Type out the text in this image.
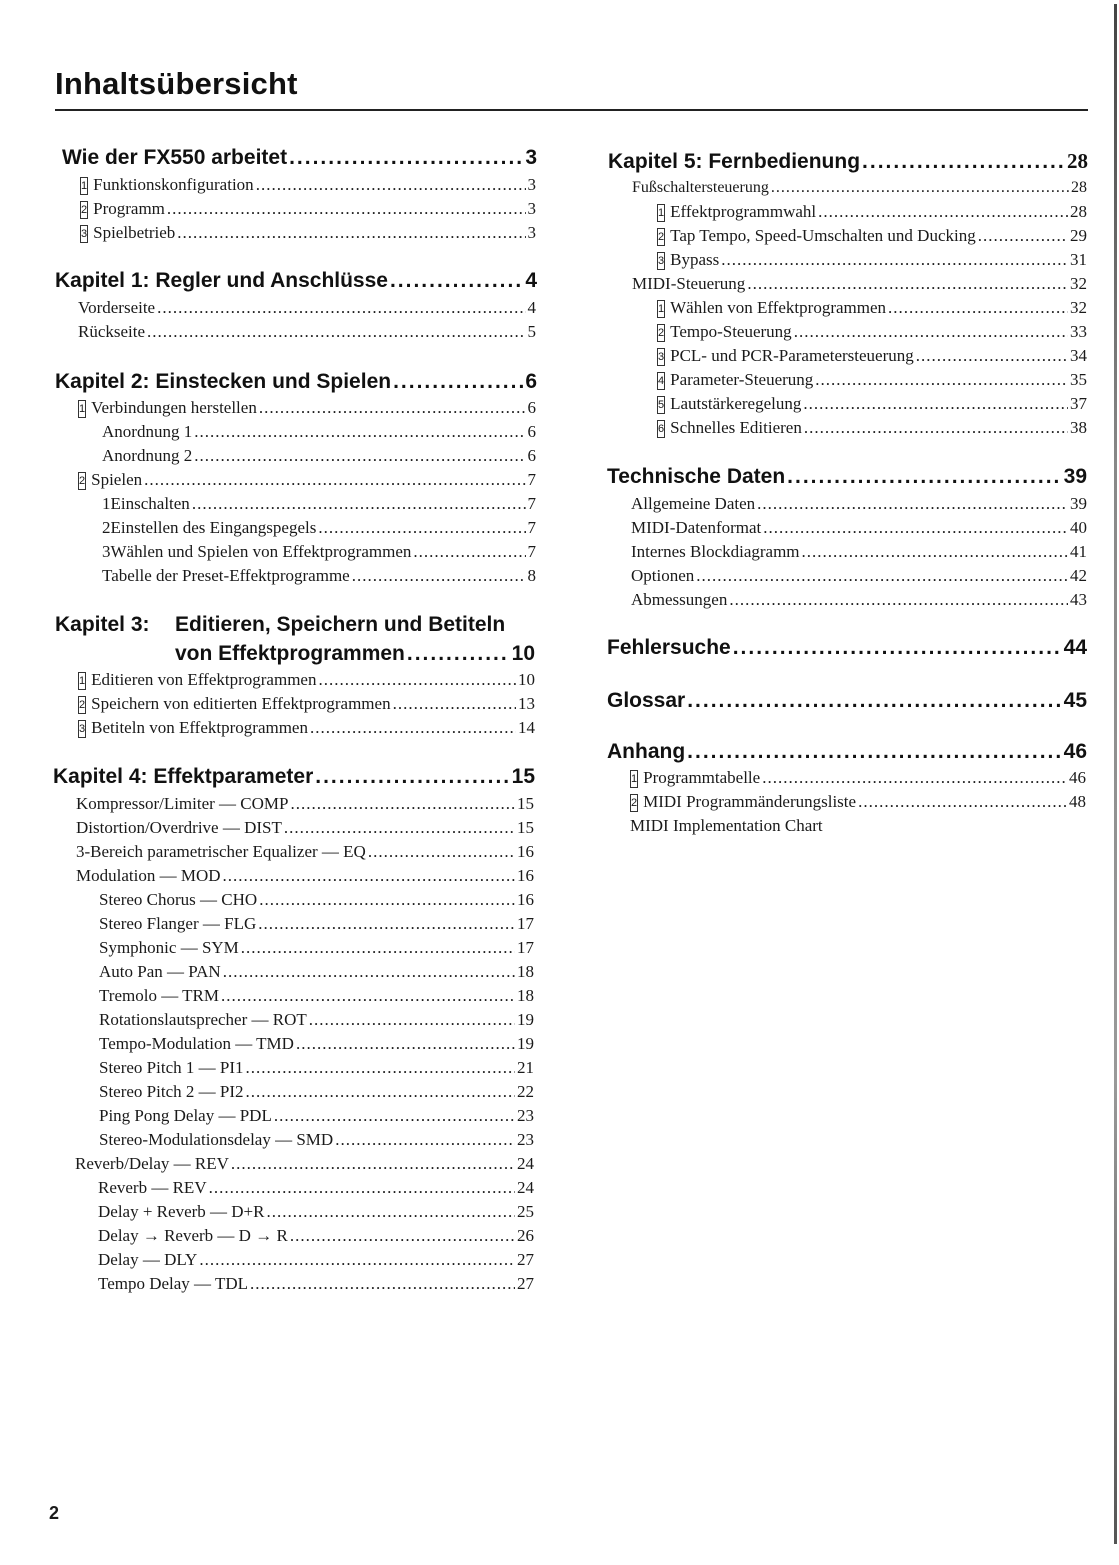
Inhaltsübersicht
Wie der FX550 arbeitet .....	3
1 Funktionskonfiguration .....	3
2 Programm .....	3
3 Spielbetrieb .....	3
Kapitel 1: Regler und Anschlüsse .....	4
Vorderseite .....	4
Rückseite .....	5
Kapitel 2: Einstecken und Spielen .....	6
1 Verbindungen herstellen .....	6
Anordnung 1 .....	6
Anordnung 2 .....	6
2 Spielen .....	7
1 Einschalten .....	7
2 Einstellen des Eingangspegels .....	7
3 Wählen und Spielen von Effektprogrammen .....	7
Tabelle der Preset-Effektprogramme .....	8
Kapitel 3:	Editieren, Speichern und Betiteln
von Effektprogrammen .....	10
1 Editieren von Effektprogrammen .....	10
2 Speichern von editierten Effektprogrammen .....	13
3 Betiteln von Effektprogrammen .....	14
Kapitel 4: Effektparameter .....	15
Kompressor/Limiter — COMP .....	15
Distortion/Overdrive — DIST .....	15
3-Bereich parametrischer Equalizer — EQ .....	16
Modulation — MOD .....	16
Stereo Chorus — CHO .....	16
Stereo Flanger — FLG .....	17
Symphonic — SYM .....	17
Auto Pan — PAN .....	18
Tremolo — TRM .....	18
Rotationslautsprecher — ROT .....	19
Tempo-Modulation — TMD .....	19
Stereo Pitch 1 — PI1 .....	21
Stereo Pitch 2 — PI2 .....	22
Ping Pong Delay — PDL .....	23
Stereo-Modulationsdelay — SMD .....	23
Reverb/Delay — REV .....	24
Reverb — REV .....	24
Delay + Reverb — D+R .....	25
Delay → Reverb — D → R .....	26
Delay — DLY .....	27
Tempo Delay — TDL .....	27
Kapitel 5: Fernbedienung .....	28
Fußschaltersteuerung .....	28
1 Effektprogrammwahl .....	28
2 Tap Tempo, Speed-Umschalten und Ducking .....	29
3 Bypass .....	31
MIDI-Steuerung .....	32
1 Wählen von Effektprogrammen .....	32
2 Tempo-Steuerung .....	33
3 PCL- und PCR-Parametersteuerung .....	34
4 Parameter-Steuerung .....	35
5 Lautstärkeregelung .....	37
6 Schnelles Editieren .....	38
Technische Daten .....	39
Allgemeine Daten .....	39
MIDI-Datenformat .....	40
Internes Blockdiagramm .....	41
Optionen .....	42
Abmessungen .....	43
Fehlersuche .....	44
Glossar .....	45
Anhang .....	46
1 Programmtabelle .....	46
2 MIDI Programmänderungsliste .....	48
MIDI Implementation Chart
2
